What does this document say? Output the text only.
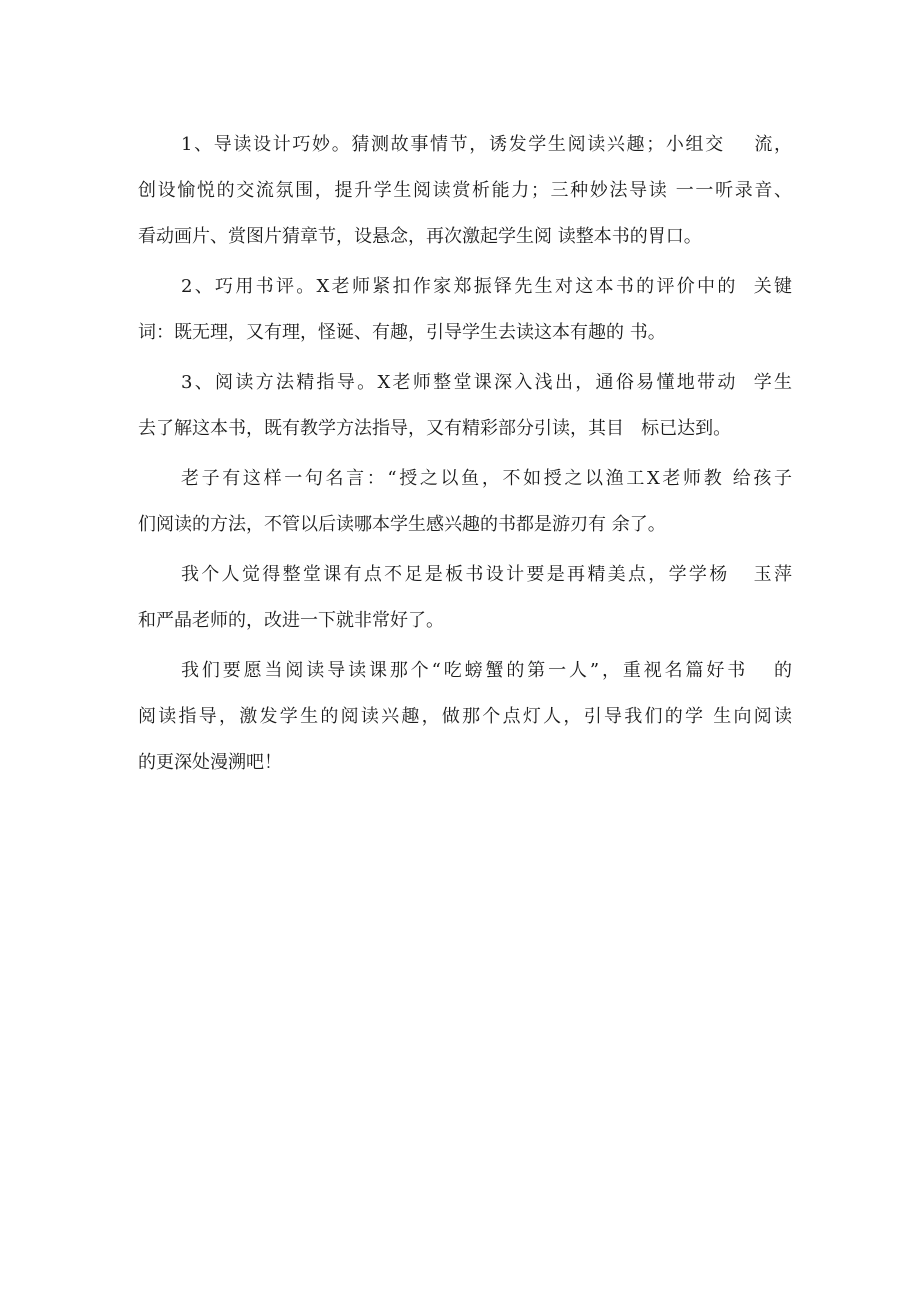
1、导读设计巧妙。猜测故事情节，诱发学生阅读兴趣；小组交    流，
创设愉悦的交流氛围，提升学生阅读赏析能力；三种妙法导读 一一听录音、
看动画片、赏图片猜章节，设悬念，再次激起学生阅 读整本书的胃口。
2、巧用书评。X老师紧扣作家郑振铎先生对这本书的评价中的  关键
词：既无理，又有理，怪诞、有趣，引导学生去读这本有趣的 书。
3、阅读方法精指导。X老师整堂课深入浅出，通俗易懂地带动  学生
去了解这本书，既有教学方法指导，又有精彩部分引读，其目   标已达到。
老子有这样一句名言：“授之以鱼，不如授之以渔工X老师教 给孩子
们阅读的方法，不管以后读哪本学生感兴趣的书都是游刃有 余了。
我个人觉得整堂课有点不足是板书设计要是再精美点，学学杨   玉萍
和严晶老师的，改进一下就非常好了。
我们要愿当阅读导读课那个“吃螃蟹的第一人”，重视名篇好书   的
阅读指导，激发学生的阅读兴趣，做那个点灯人，引导我们的学 生向阅读
的更深处漫溯吧！
